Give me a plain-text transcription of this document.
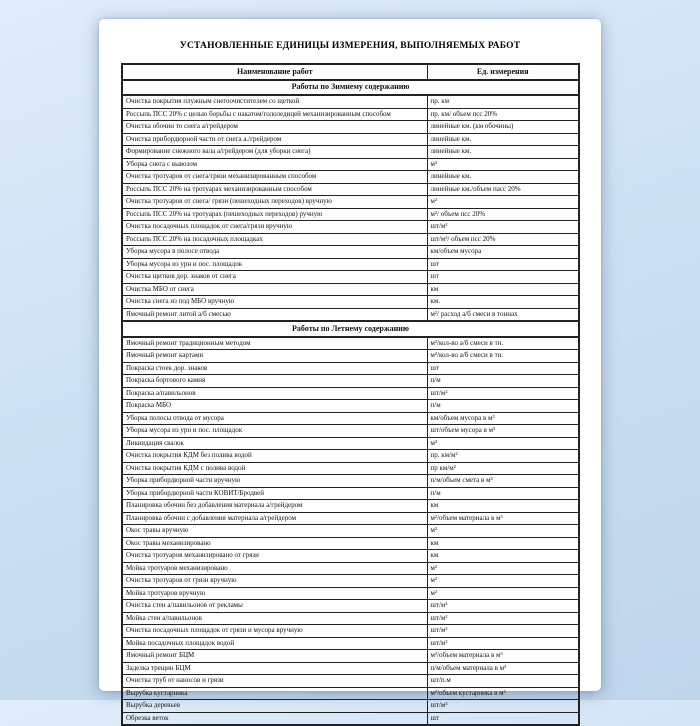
УСТАНОВЛЕННЫЕ ЕДИНИЦЫ ИЗМЕРЕНИЯ, ВЫПОЛНЯЕМЫХ РАБОТ
Наименование работ	Ед. измерения
Работы по Зимнему содержанию	
Очистка покрытия плужным снегоочистителем со щеткой	пр. км
Россыпь ПСС 20% с целью борьбы с накатом/гололедицей механизированным способом	пр. км/ объем псс 20%
Очистка обочин то снега а/грейдером	линейные км. (км обочины)
Очистка прибордюрной части от снега а./грейдером	линейные км.
Формирование снежного вала а/грейдером (для уборки снега)	линейные км.
Уборка снега с вывозом	м³
Очистка тротуаров от снега/грязи механизированным способом	линейные км.
Россыпь ПСС 20% на тротуарах механизированным способом	линейные км./объем пасс 20%
Очистка тротуаров от снега/ грязи (пешеходных переходов) вручную	м²
Россыпь ПСС 20% на тротуарах (пешеходных переходов) ручную	м²/ объем псс 20%
Очистка посадочных площадок от снега/грязи вручную	шт/м²
Россыпь ПСС 20% на посадочных площадках	шт/м²/ объем псс 20%
Уборка мусора в полосе отвода	км/объем мусора
Уборка мусора из урн и пос. площадок	шт
Очистка щитков дор. знаков от снега	шт
Очистка МБО от снега	км
Очистка снега из под МБО вручную	км.
Ямочный ремонт литой а/б смесью	м²/ расход а/б смеси в тоннах
Работы по Летнему содержанию	
Ямочный ремонт традиционным методом	м²/кол-во а/б смеси в тн.
Ямочный ремонт картами	м²/кол-во а/б смеси в тн.
Покраска стоек дор. знаков	шт
Покраска бортового камня	п/м
Покраска а/павильонов	шт/м²
Покраска МБО	п/м
Уборка полосы отвода от мусора	км/объем мусора в м³
Уборка мусора из урн и пос. площадок	шт/объем мусора в м³
Ликвидация свалок	м³
Очистка покрытия КДМ без полива водой	пр. км/м²
Очистка покрытия КДМ с полива водой	пр км/м²
Уборка прибордюрной части вручную	п/м/объем смета в м³
Уборка прибордюрной части КОВИТ/Бродвей	п/м
Планировка обочин без добавления материала а/грейдером	км
Планировка обочин с добавления материала а/грейдером	м²/объем материала в м³
Окос травы вручную	м²
Окос травы механизировано	км
Очистка тротуаров механизировано от грязи	км
Мойка тротуаров механизировано	м²
Очистка тротуаров от грязи вручную	м²
Мойка тротуаров вручную	м²
Очистка стен а/павильонов от рекламы	шт/м²
Мойка стен а/павильонов	шт/м²
Очистка посадочных площадок от грязи и мусора вручную	шт/м²
Мойка посадочных площадок водой	шт/м²
Ямочный ремонт БЦМ	м²/объем материала в м³
Заделка трещин БЦМ	п/м/объем материала в м³
Очистка труб от наносов и грязи	шт/п.м
Вырубка кустарника	м²/объем кустарника в м³
Вырубка деревьев	шт/м³
Обрезка веток	шт
